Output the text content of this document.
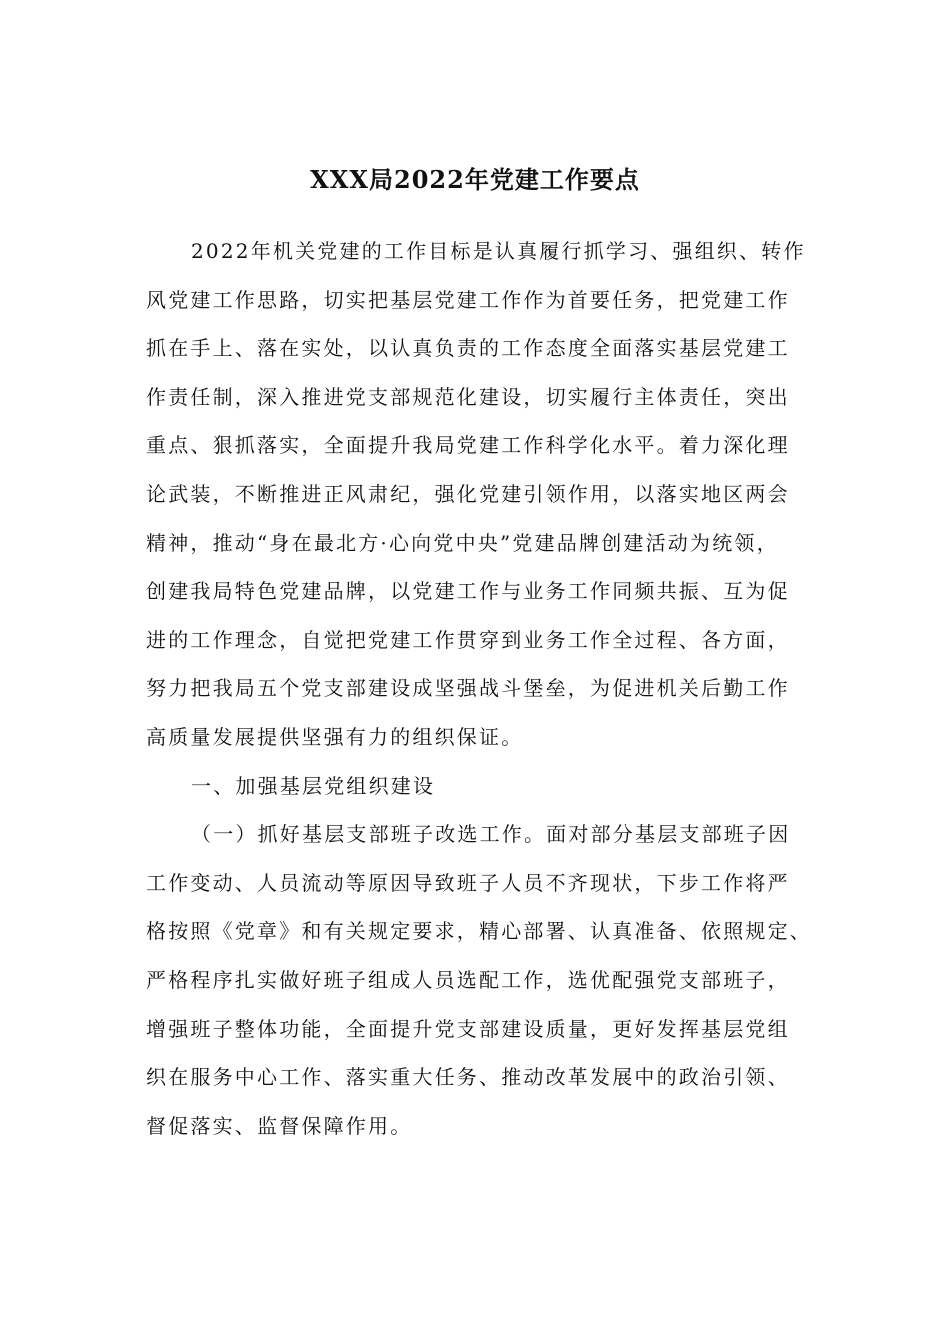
XXX局2022年党建工作要点
2022年机关党建的工作目标是认真履行抓学习、强组织、转作
风党建工作思路，切实把基层党建工作作为首要任务，把党建工作
抓在手上、落在实处，以认真负责的工作态度全面落实基层党建工
作责任制，深入推进党支部规范化建设，切实履行主体责任，突出
重点、狠抓落实，全面提升我局党建工作科学化水平。着力深化理
论武装，不断推进正风肃纪，强化党建引领作用，以落实地区两会
精神，推动“身在最北方·心向党中央”党建品牌创建活动为统领，
创建我局特色党建品牌，以党建工作与业务工作同频共振、互为促
进的工作理念，自觉把党建工作贯穿到业务工作全过程、各方面，
努力把我局五个党支部建设成坚强战斗堡垒，为促进机关后勤工作
高质量发展提供坚强有力的组织保证。
一、加强基层党组织建设
（一）抓好基层支部班子改选工作。面对部分基层支部班子因
工作变动、人员流动等原因导致班子人员不齐现状，下步工作将严
格按照《党章》和有关规定要求，精心部署、认真准备、依照规定、
严格程序扎实做好班子组成人员选配工作，选优配强党支部班子，
增强班子整体功能，全面提升党支部建设质量，更好发挥基层党组
织在服务中心工作、落实重大任务、推动改革发展中的政治引领、
督促落实、监督保障作用。
